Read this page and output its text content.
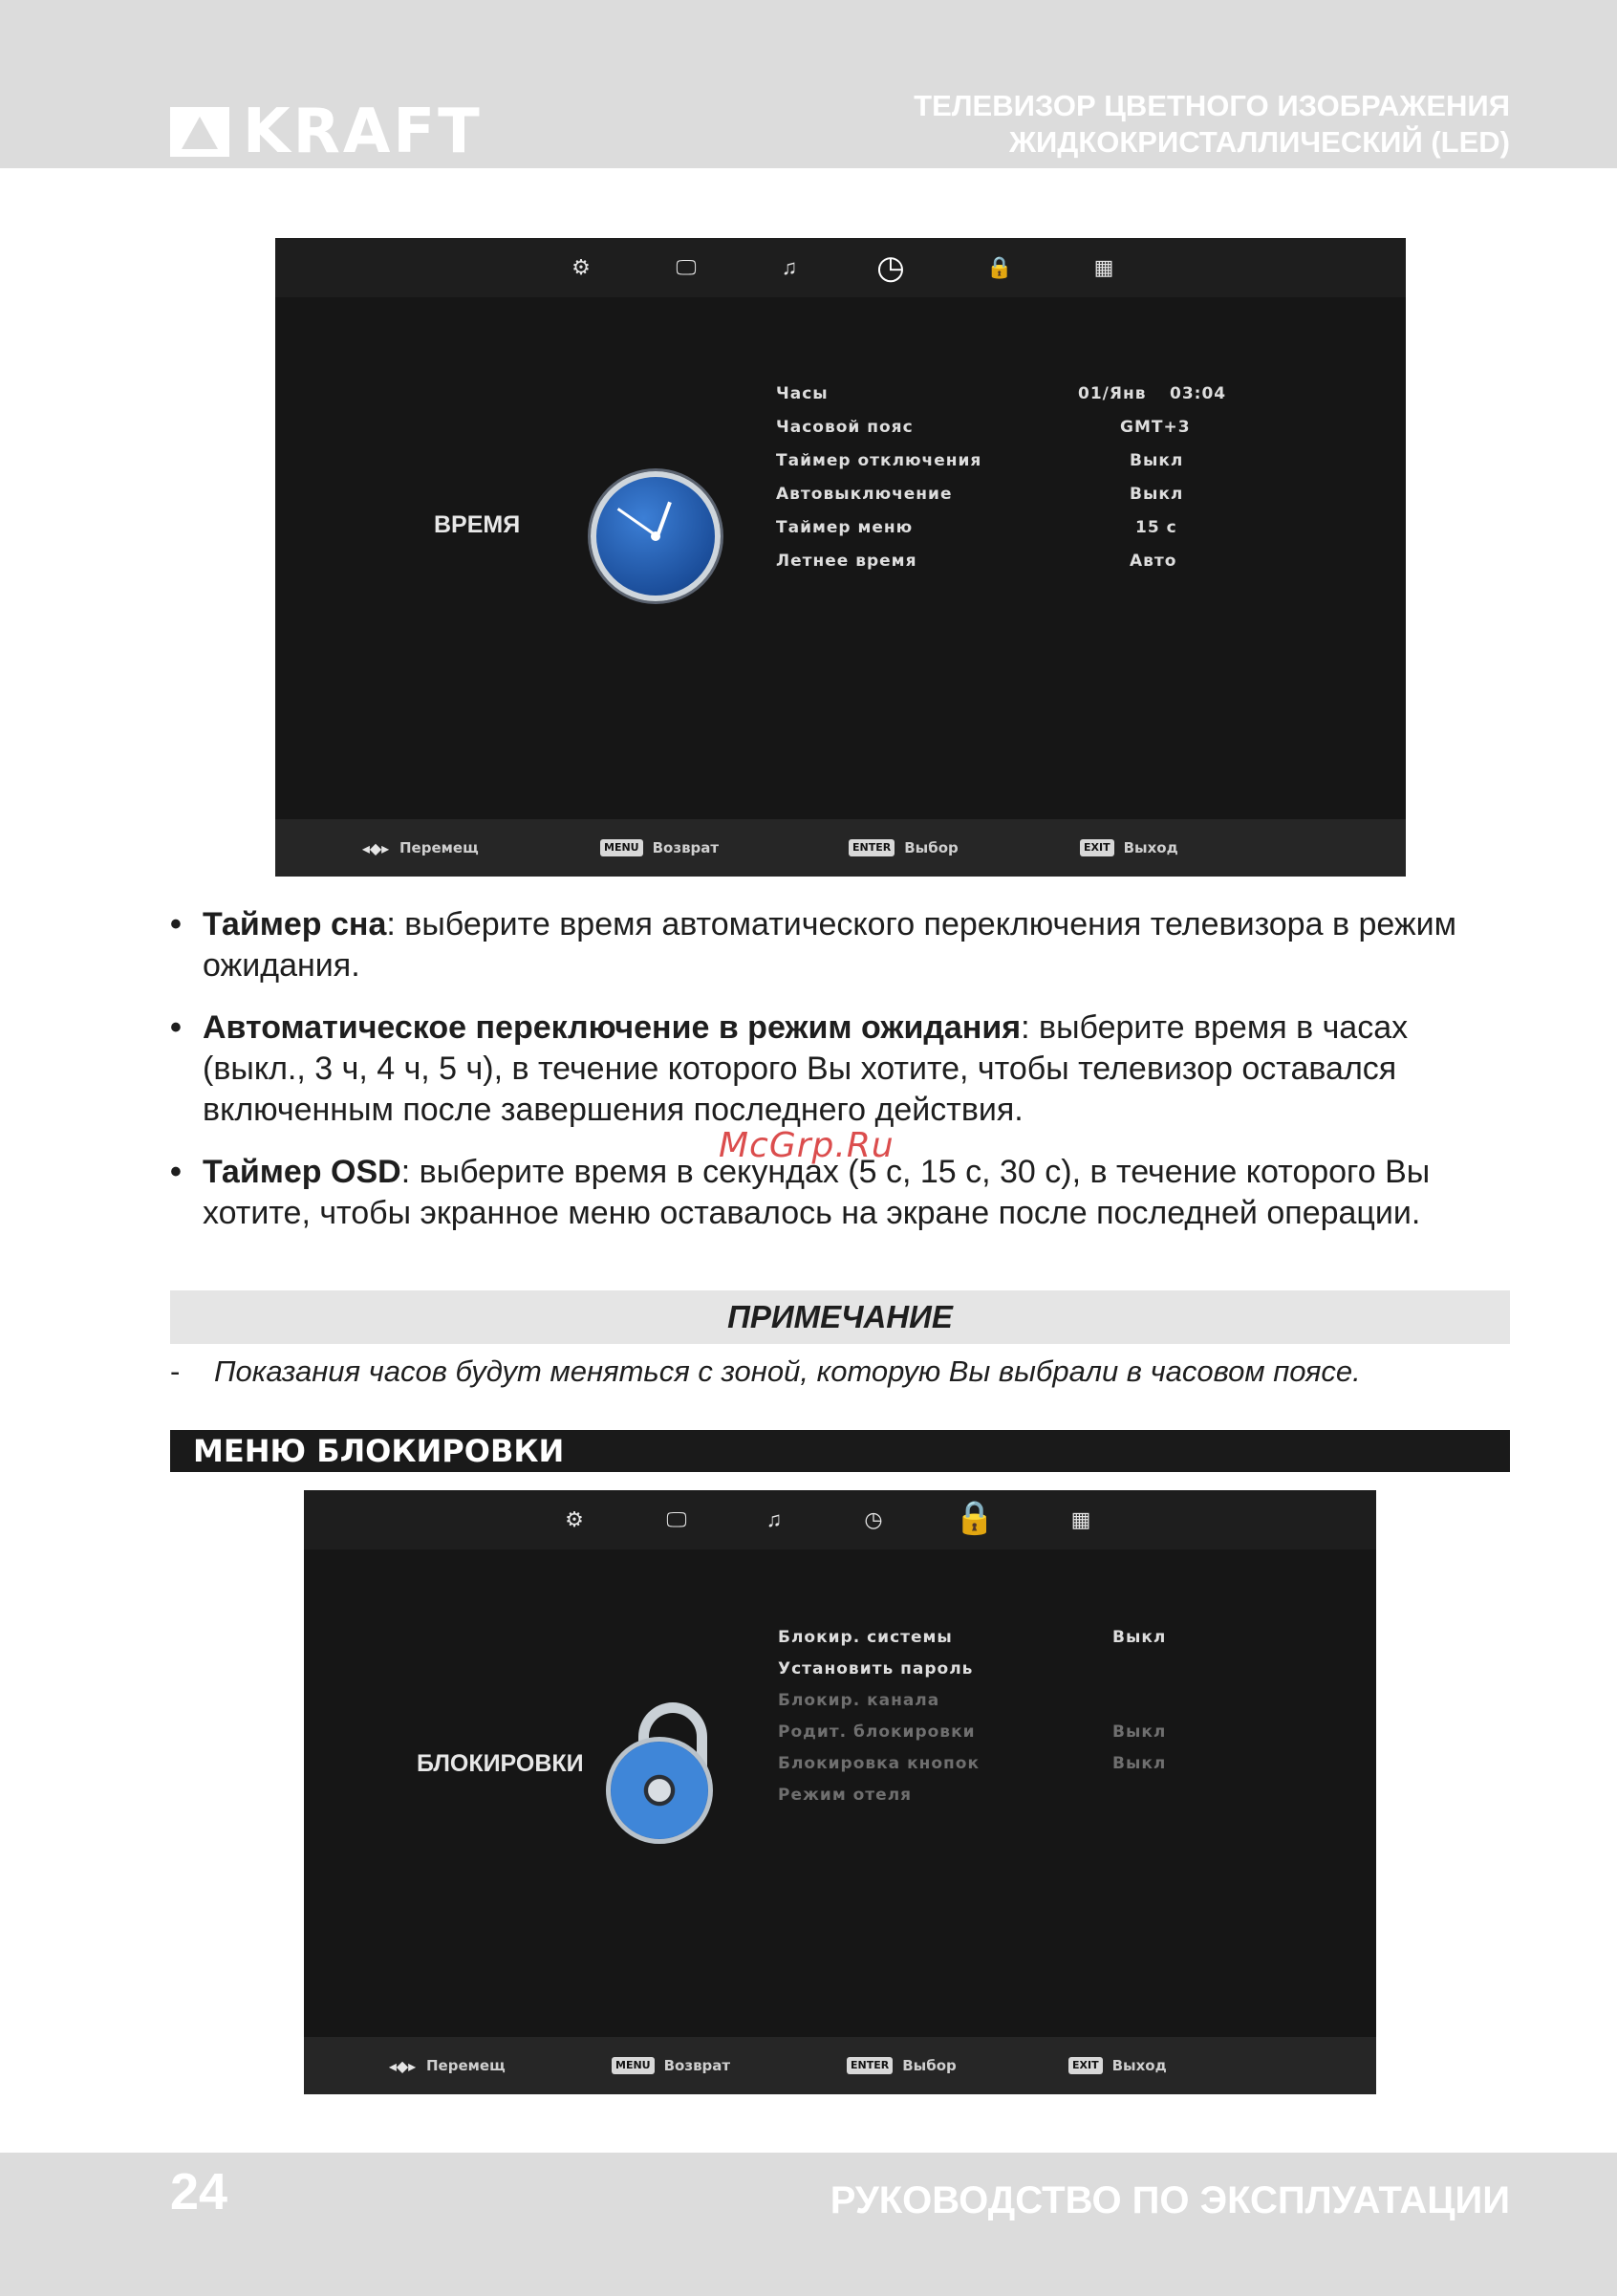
KRAFT	ТЕЛЕВИЗОР ЦВЕТНОГО ИЗОБРАЖЕНИЯ
ЖИДКОКРИСТАЛЛИЧЕСКИЙ (LED)
⚙	🖵	♫	◷	🔒	▦
ВРЕМЯ
Часы	01/Янв 03:04
Часовой пояс	GMT+3
Таймер отключения	Выкл
Автовыключение	Выкл
Таймер меню	15 с
Летнее время	Авто
◂◆▸ Перемещ	MENU Возврат	ENTER Выбор	EXIT Выход
• Таймер сна: выберите время автоматического переключения телевизора в режим ожидания.
• Автоматическое переключение в режим ожидания: выберите время в часах (выкл., 3 ч, 4 ч, 5 ч), в течение которого Вы хотите, чтобы телевизор оставался включенным после завершения последнего действия.
• Таймер OSD: выберите время в секундах (5 с, 15 с, 30 с), в течение которого Вы хотите, чтобы экранное меню оставалось на экране после последней операции.
McGrp.Ru
ПРИМЕЧАНИЕ
- Показания часов будут меняться с зоной, которую Вы выбрали в часовом поясе.
МЕНЮ БЛОКИРОВКИ
⚙	🖵	♫	◷	🔒	▦
БЛОКИРОВКИ
Блокир. системы	Выкл
Установить пароль
Блокир. канала
Родит. блокировки	Выкл
Блокировка кнопок	Выкл
Режим отеля
◂◆▸ Перемещ	MENU Возврат	ENTER Выбор	EXIT Выход
24	РУКОВОДСТВО ПО ЭКСПЛУАТАЦИИ
